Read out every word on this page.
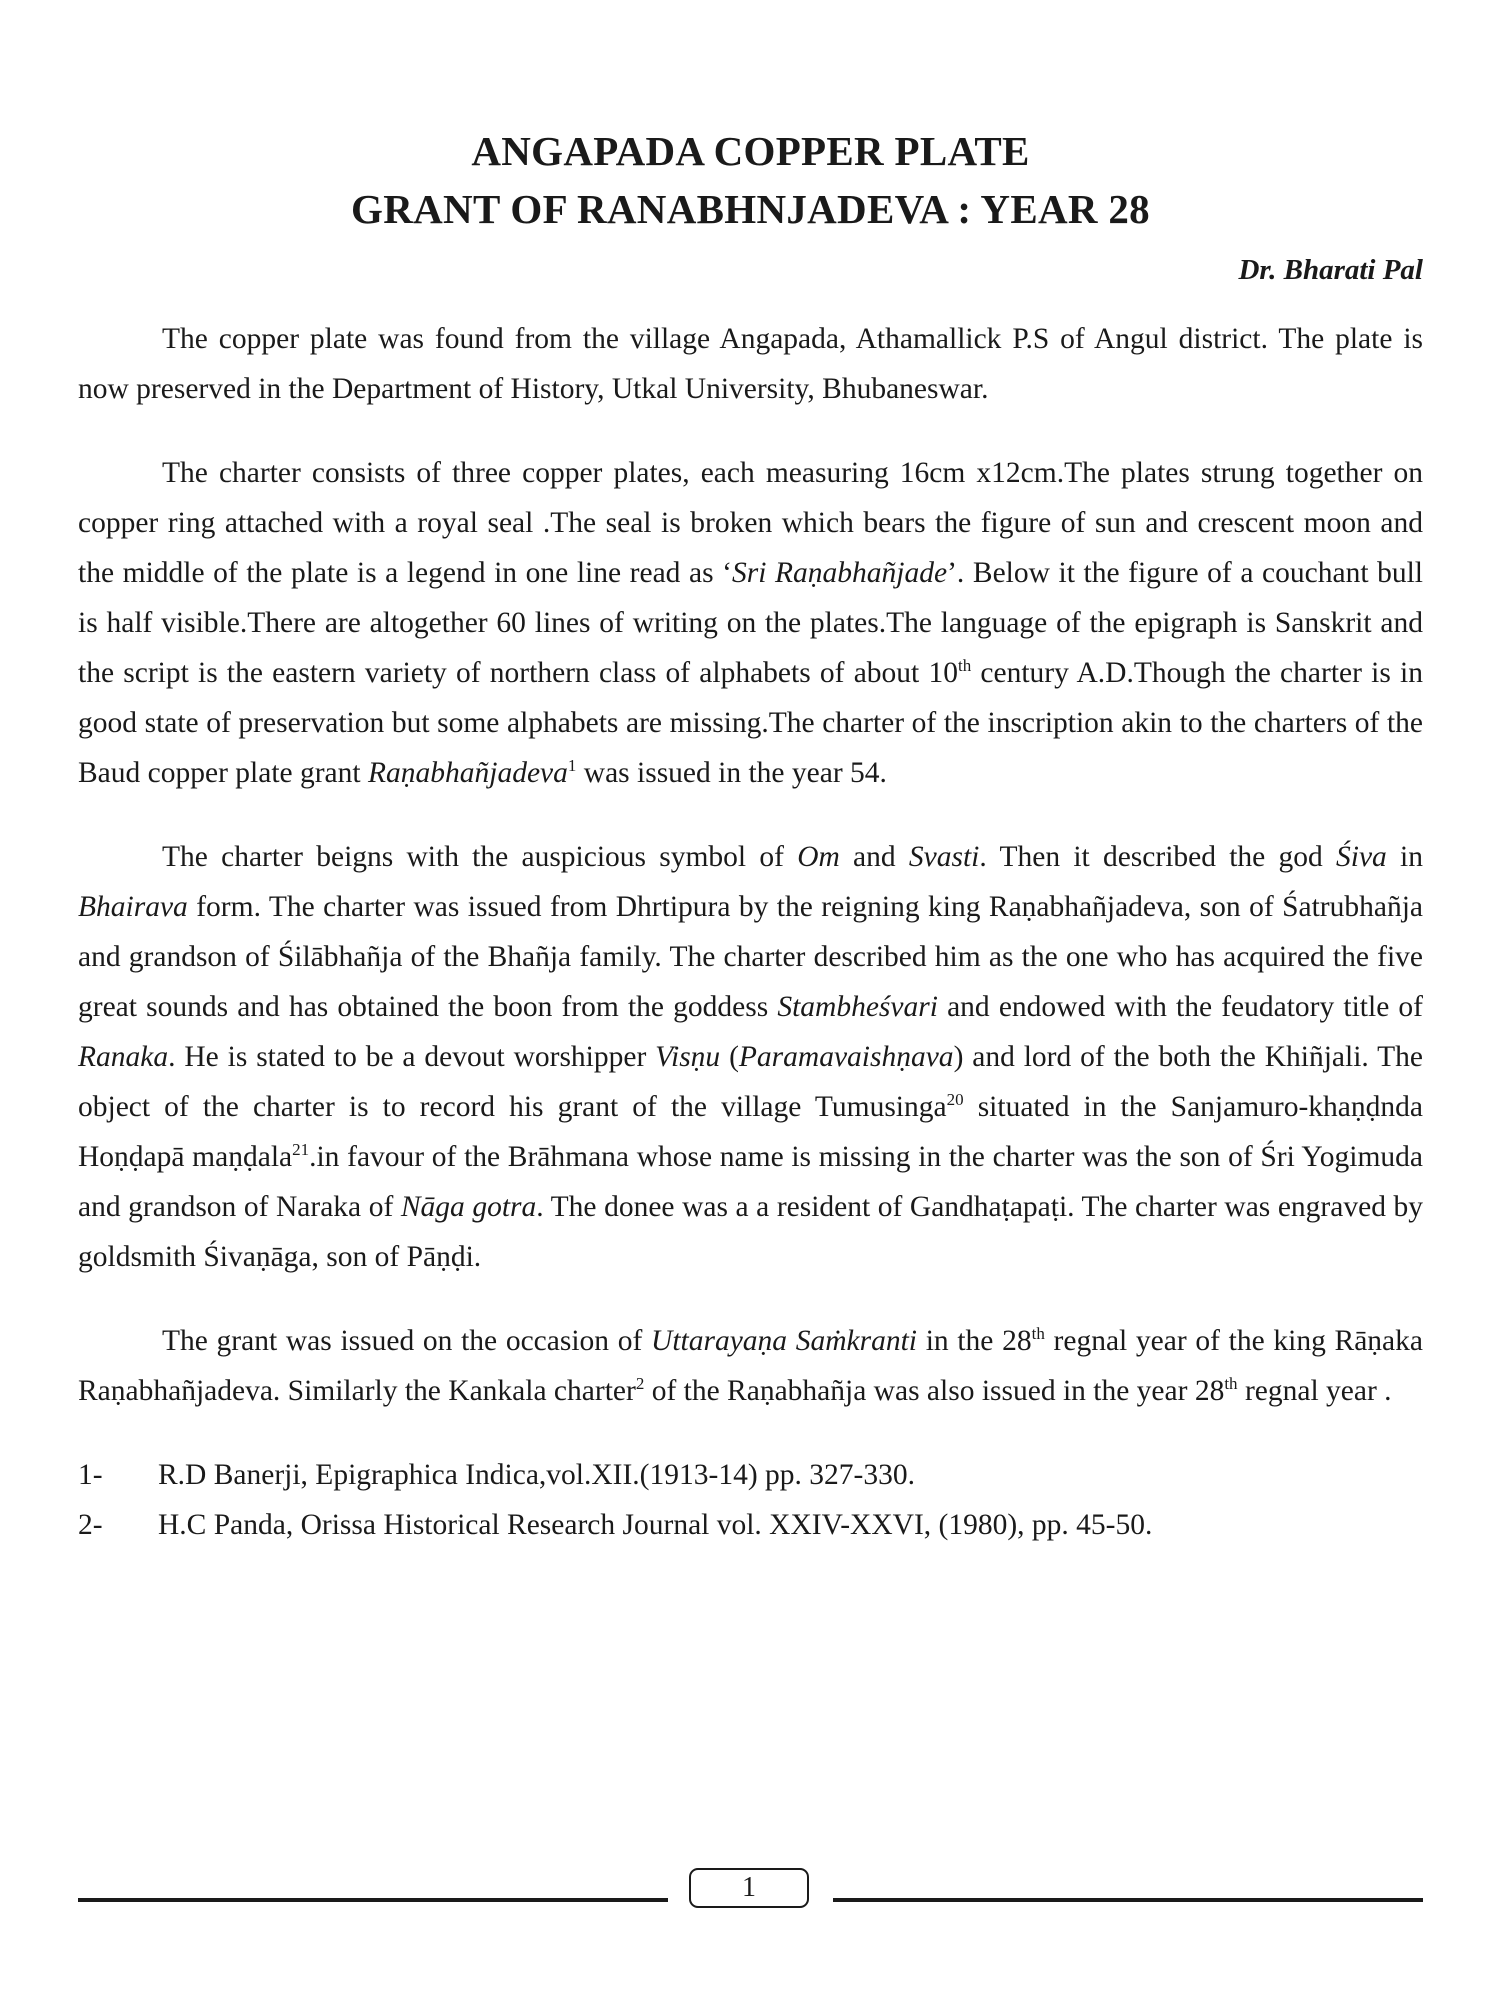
ANGAPADA COPPER PLATE
GRANT OF RANABHNJADEVA : YEAR 28

Dr. Bharati Pal

The copper plate was found from the village Angapada, Athamallick P.S of Angul district. The plate is now preserved in the Department of History, Utkal University, Bhubaneswar.

The charter consists of three copper plates, each measuring 16cm x12cm.The plates strung together on copper ring attached with a royal seal .The seal is broken which bears the figure of sun and crescent moon and the middle of the plate is a legend in one line read as ‘Sri Raṇabhañjade’. Below it the figure of a couchant bull is half visible.There are altogether 60 lines of writing on the plates.The language of the epigraph is Sanskrit and the script is the eastern variety of northern class of alphabets of about 10th century A.D.Though the charter is in good state of preservation but some alphabets are missing.The charter of the inscription akin to the charters of the Baud copper plate grant Raṇabhañjadeva$^1$ was issued in the year 54.

The charter beigns with the auspicious symbol of Om and Svasti. Then it described the god Śiva in Bhairava form. The charter was issued from Dhrtipura by the reigning king Raṇabhañjadeva, son of Śatrubhañja and grandson of Śilābhañja of the Bhañja family. The charter described him as the one who has acquired the five great sounds and has obtained the boon from the goddess Stambheśvari and endowed with the feudatory title of Ranaka. He is stated to be a devout worshipper Visṇu (Paramavaishṇava) and lord of the both the Khiñjali. The object of the charter is to record his grant of the village Tumusinga$^{20}$ situated in the Sanjamuro-khaṇḍnda Hoṇḍapā maṇḍala$^{21}$.in favour of the Brāhmana whose name is missing in the charter was the son of Śri Yogimuda and grandson of Naraka of Nāga gotra. The donee was a a resident of Gandhaṭapaṭi. The charter was engraved by goldsmith Śivaṇāga, son of Pāṇḍi.

The grant was issued on the occasion of Uttarayaṇa Saṁkranti in the 28th regnal year of the king Rāṇaka Raṇabhañjadeva. Similarly the Kankala charter$^2$ of the Raṇabhañja was also issued in the year 28th regnal year .

1-	R.D Banerji, Epigraphica Indica,vol.XII.(1913-14) pp. 327-330.
2-	H.C Panda, Orissa Historical Research Journal vol. XXIV-XXVI, (1980), pp. 45-50.
1
